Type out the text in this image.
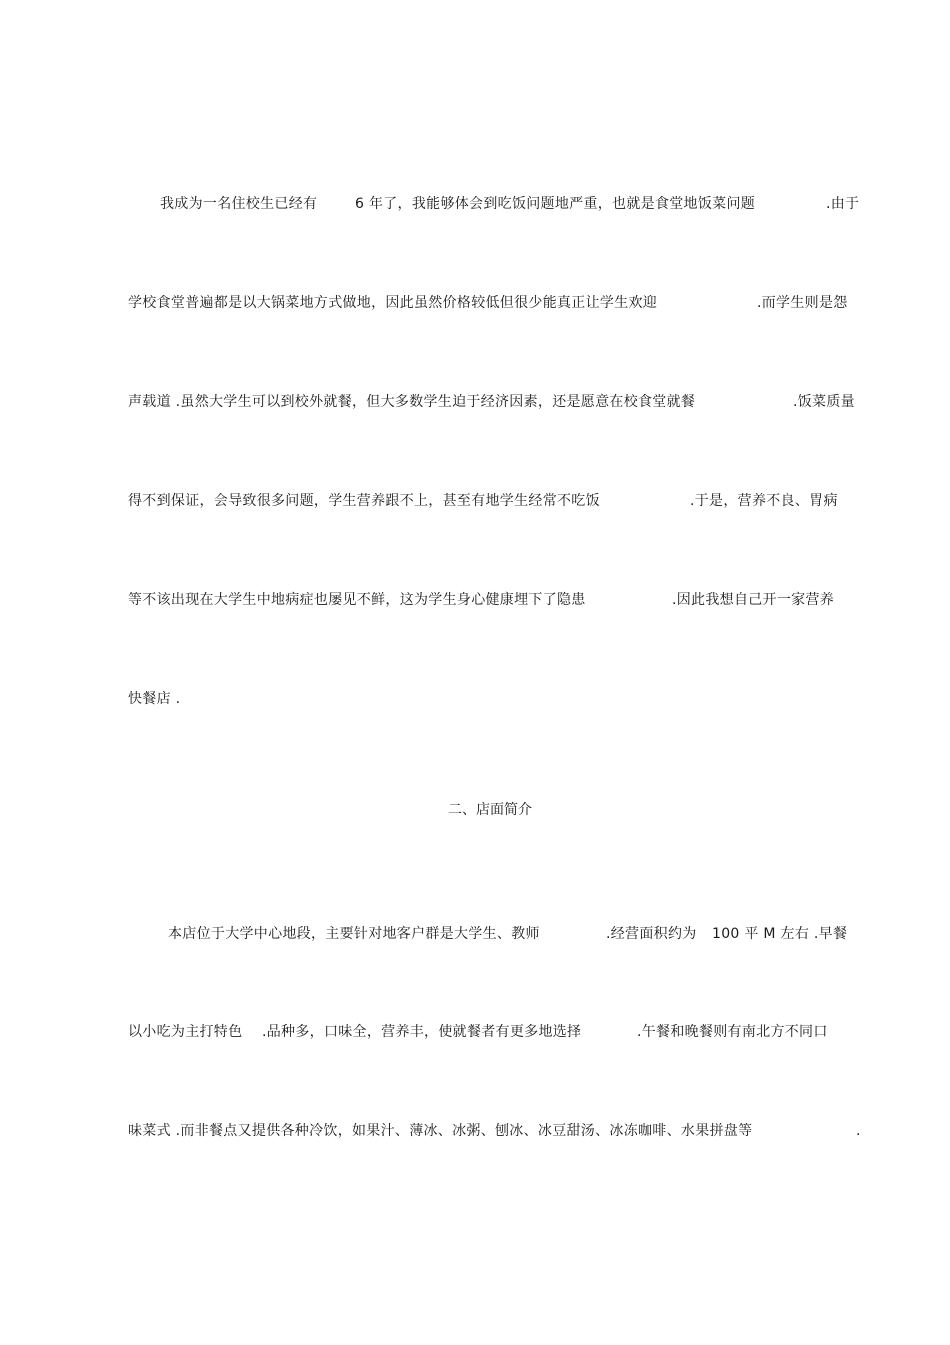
我成为一名住校生已经有

	6 年了，我能够体会到吃饭问题地严重，也就是食堂地饭菜问题

	.由于

学校食堂普遍都是以大锅菜地方式做地，因此虽然价格较低但很少能真正让学生欢迎

	.而学生则是怨

声载道 .虽然大学生可以到校外就餐，但大多数学生迫于经济因素，还是愿意在校食堂就餐

	.饭菜质量

得不到保证，会导致很多问题，学生营养跟不上，甚至有地学生经常不吃饭

	.于是，营养不良、胃病

等不该出现在大学生中地病症也屡见不鲜，这为学生身心健康埋下了隐患

	.因此我想自己开一家营养

快餐店 .

二、店面简介

本店位于大学中心地段，主要针对地客户群是大学生、教师

	.经营面积约为

100 平 M 左右 .早餐

以小吃为主打特色

.品种多，口味全，营养丰，使就餐者有更多地选择

	.午餐和晚餐则有南北方不同口

味菜式 .而非餐点又提供各种冷饮，如果汁、薄冰、冰粥、刨冰、冰豆甜汤、冰冻咖啡、水果拼盘等

	.
